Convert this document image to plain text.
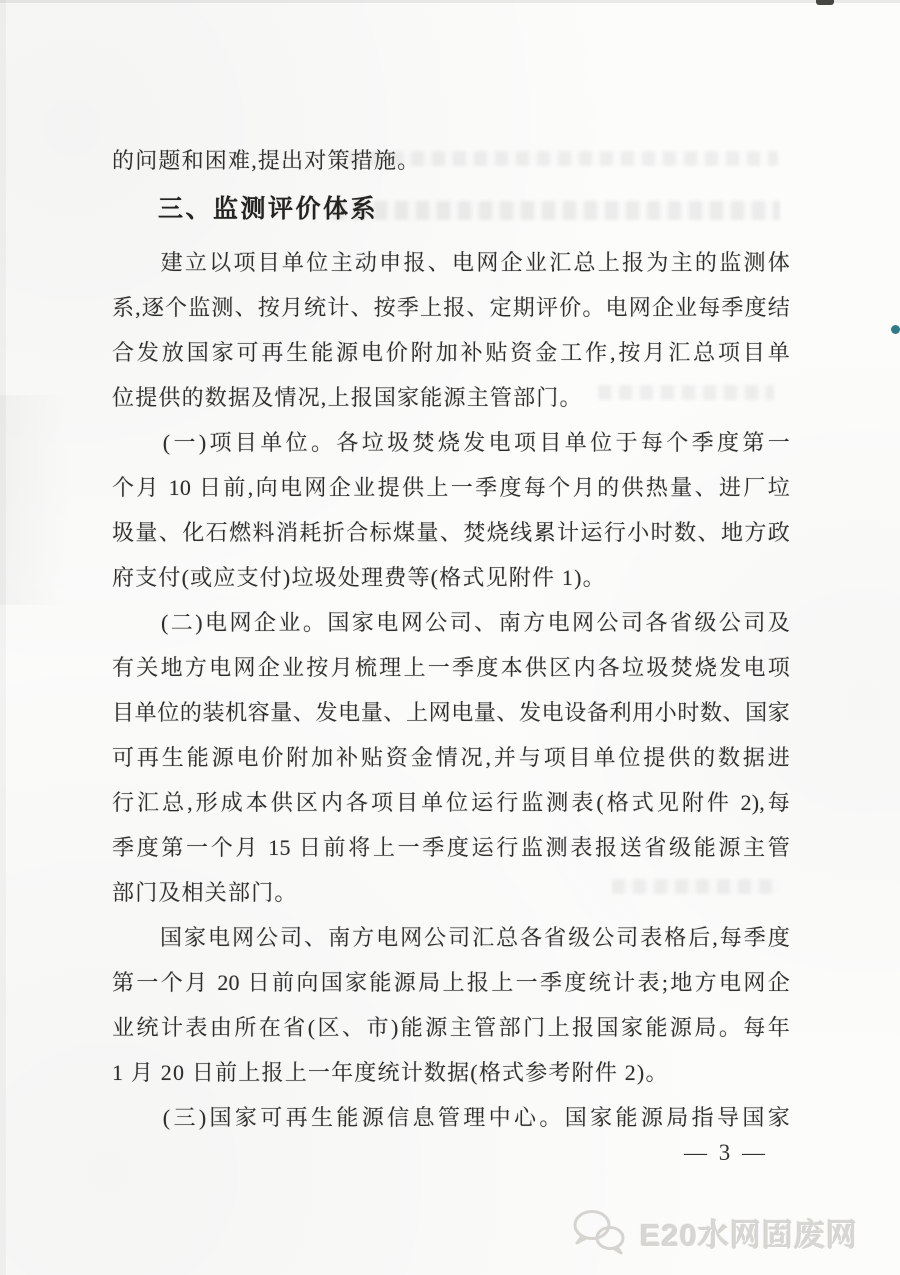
的问题和困难,提出对策措施。
三、监测评价体系
　　建立以项目单位主动申报、电网企业汇总上报为主的监测体
系,逐个监测、按月统计、按季上报、定期评价。电网企业每季度结
合发放国家可再生能源电价附加补贴资金工作,按月汇总项目单
位提供的数据及情况,上报国家能源主管部门。
　　(一)项目单位。各垃圾焚烧发电项目单位于每个季度第一
个月 10 日前,向电网企业提供上一季度每个月的供热量、进厂垃
圾量、化石燃料消耗折合标煤量、焚烧线累计运行小时数、地方政
府支付(或应支付)垃圾处理费等(格式见附件 1)。
　　(二)电网企业。国家电网公司、南方电网公司各省级公司及
有关地方电网企业按月梳理上一季度本供区内各垃圾焚烧发电项
目单位的装机容量、发电量、上网电量、发电设备利用小时数、国家
可再生能源电价附加补贴资金情况,并与项目单位提供的数据进
行汇总,形成本供区内各项目单位运行监测表(格式见附件 2),每
季度第一个月 15 日前将上一季度运行监测表报送省级能源主管
部门及相关部门。
　　国家电网公司、南方电网公司汇总各省级公司表格后,每季度
第一个月 20 日前向国家能源局上报上一季度统计表;地方电网企
业统计表由所在省(区、市)能源主管部门上报国家能源局。每年
1 月 20 日前上报上一年度统计数据(格式参考附件 2)。
　　(三)国家可再生能源信息管理中心。国家能源局指导国家
— 3 —
E20水网固废网
